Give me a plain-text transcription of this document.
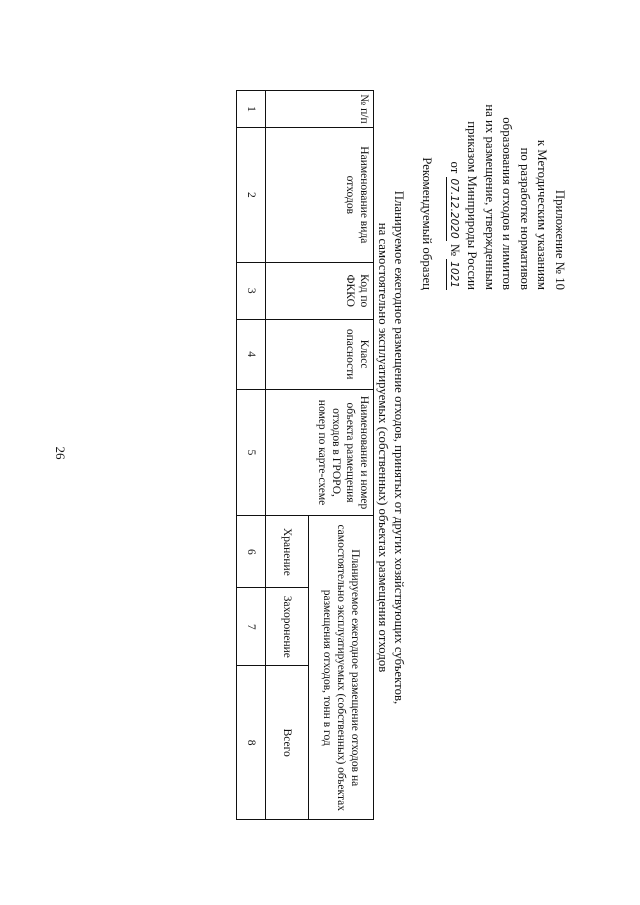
26
Приложение № 10
к Методическим указаниям
по разработке нормативов
образования отходов и лимитов
на их размещение, утвержденным
приказом Минприроды России
от 07.12.2020 № 1021
Рекомендуемый образец
Планируемое ежегодное размещение отходов, принятых от других хозяйствующих субъектов,
на самостоятельно эксплуатируемых (собственных) объектах размещения отходов
№ п/п	Наименование вида отходов	Код по ФККО	Класс опасности	Наименование и номер объекта размещения отходов в ГРОРО, номер по карте-схеме	Планируемое ежегодное размещение отходов на самостоятельно эксплуатируемых (собственных) объектах размещения отходов, тонн в год		
					Хранение	Захоронение	Всего
1	2	3	4	5	6	7	8
